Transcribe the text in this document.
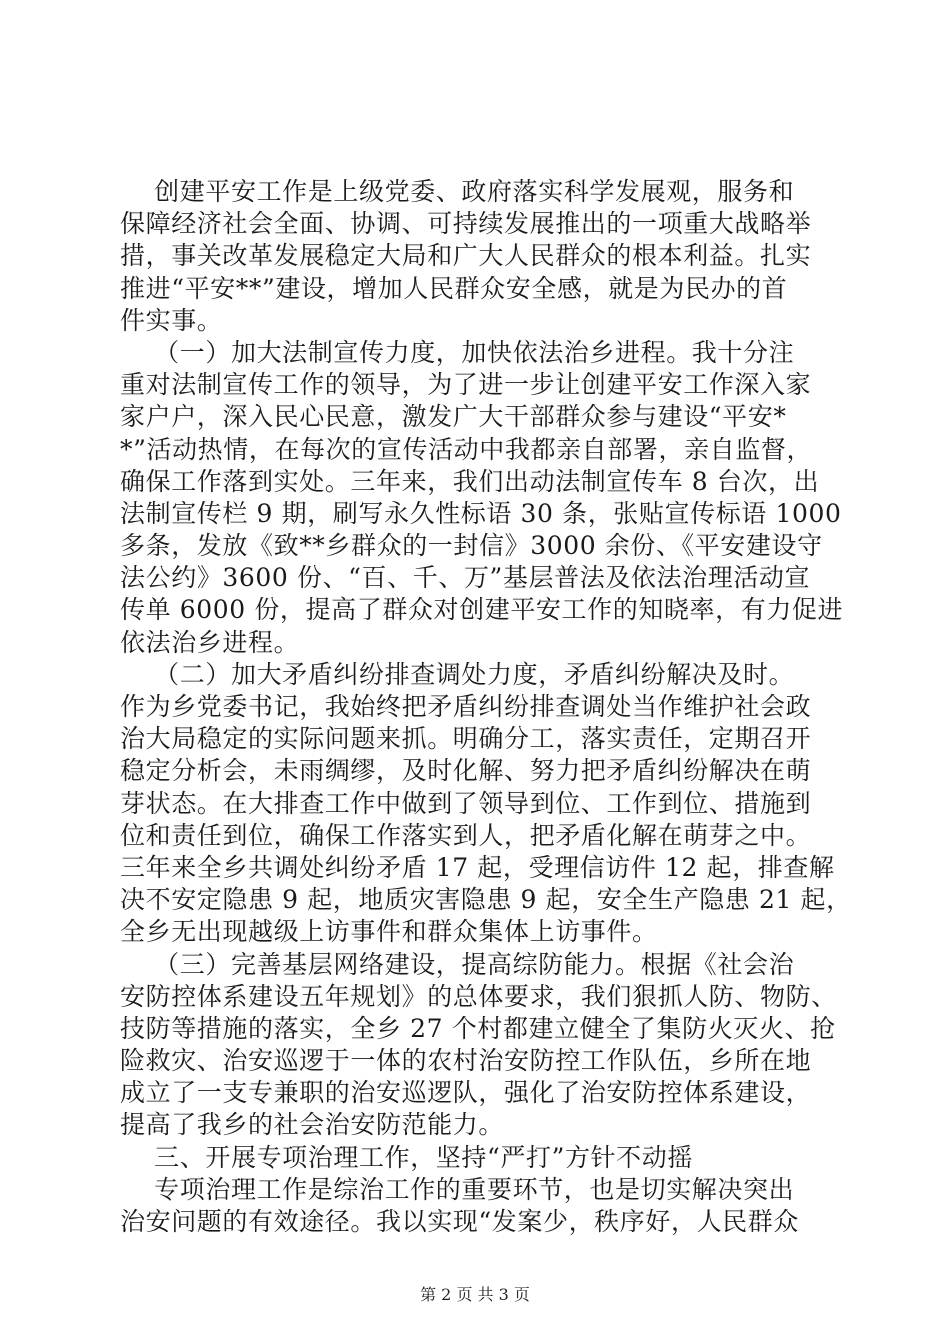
创建平安工作是上级党委、政府落实科学发展观，服务和
保障经济社会全面、协调、可持续发展推出的一项重大战略举
措，事关改革发展稳定大局和广大人民群众的根本利益。扎实
推进“平安**”建设，增加人民群众安全感，就是为民办的首
件实事。
（一）加大法制宣传力度，加快依法治乡进程。我十分注
重对法制宣传工作的领导，为了进一步让创建平安工作深入家
家户户，深入民心民意，激发广大干部群众参与建设“平安*
*”活动热情，在每次的宣传活动中我都亲自部署，亲自监督，
确保工作落到实处。三年来，我们出动法制宣传车 8 台次，出
法制宣传栏 9 期，刷写永久性标语 30 条，张贴宣传标语 1000
多条，发放《致**乡群众的一封信》3000 余份、《平安建设守
法公约》3600 份、“百、千、万”基层普法及依法治理活动宣
传单 6000 份，提高了群众对创建平安工作的知晓率，有力促进
依法治乡进程。
（二）加大矛盾纠纷排查调处力度，矛盾纠纷解决及时。
作为乡党委书记，我始终把矛盾纠纷排查调处当作维护社会政
治大局稳定的实际问题来抓。明确分工，落实责任，定期召开
稳定分析会，未雨绸缪，及时化解、努力把矛盾纠纷解决在萌
芽状态。在大排查工作中做到了领导到位、工作到位、措施到
位和责任到位，确保工作落实到人，把矛盾化解在萌芽之中。
三年来全乡共调处纠纷矛盾 17 起，受理信访件 12 起，排查解
决不安定隐患 9 起，地质灾害隐患 9 起，安全生产隐患 21 起，
全乡无出现越级上访事件和群众集体上访事件。
（三）完善基层网络建设，提高综防能力。根据《社会治
安防控体系建设五年规划》的总体要求，我们狠抓人防、物防、
技防等措施的落实，全乡 27 个村都建立健全了集防火灭火、抢
险救灾、治安巡逻于一体的农村治安防控工作队伍，乡所在地
成立了一支专兼职的治安巡逻队，强化了治安防控体系建设，
提高了我乡的社会治安防范能力。
三、开展专项治理工作，坚持“严打”方针不动摇
专项治理工作是综治工作的重要环节，也是切实解决突出
治安问题的有效途径。我以实现“发案少，秩序好，人民群众
第 2 页 共 3 页
